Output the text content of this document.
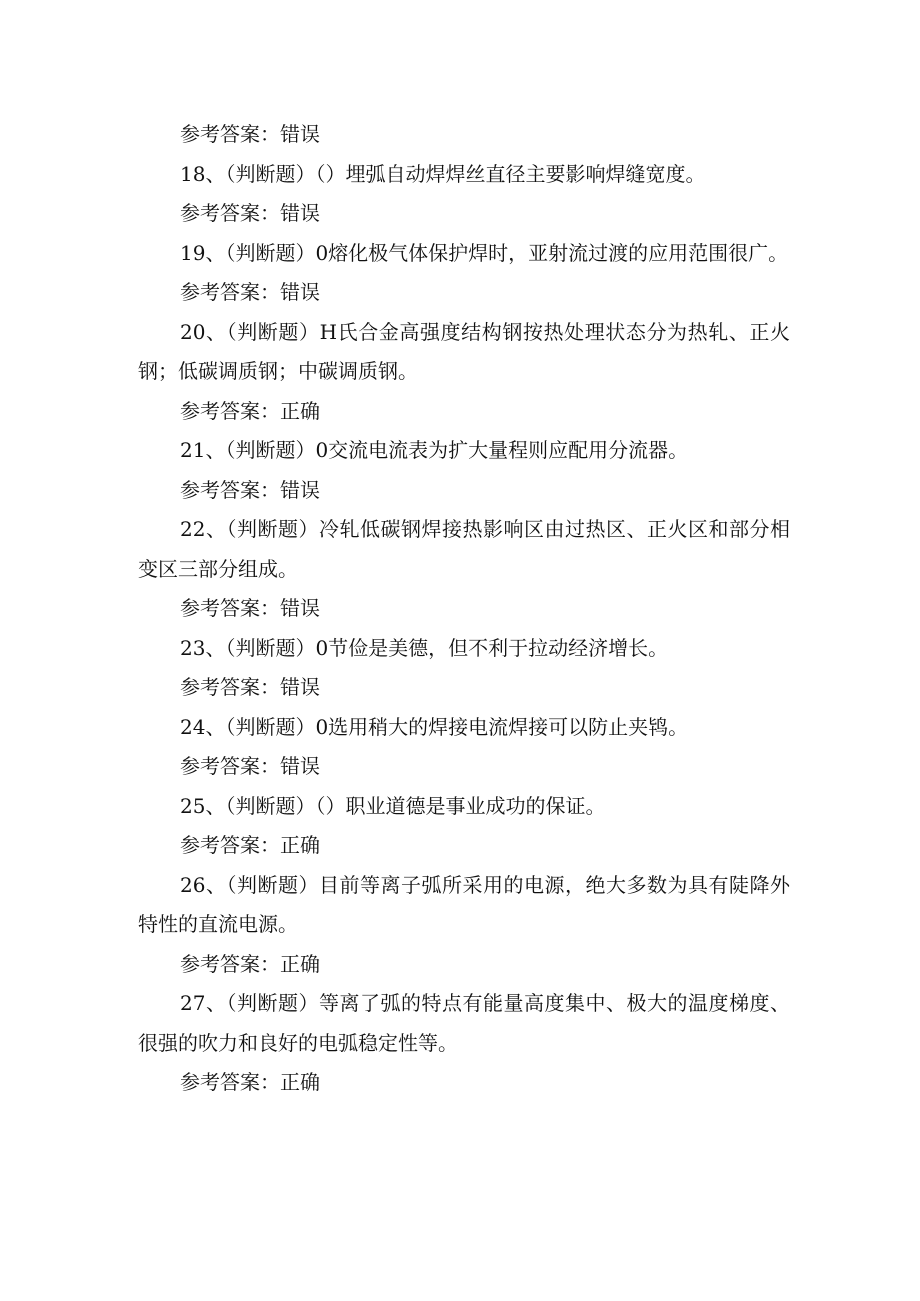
参考答案：错误

18、（判断题）（）埋弧自动焊焊丝直径主要影响焊缝宽度。

参考答案：错误

19、（判断题）0熔化极气体保护焊时，亚射流过渡的应用范围很广。

参考答案：错误

20、（判断题）H氏合金高强度结构钢按热处理状态分为热轧、正火钢；低碳调质钢；中碳调质钢。

参考答案：正确

21、（判断题）0交流电流表为扩大量程则应配用分流器。

参考答案：错误

22、（判断题）冷轧低碳钢焊接热影响区由过热区、正火区和部分相变区三部分组成。

参考答案：错误

23、（判断题）0节俭是美德，但不利于拉动经济增长。

参考答案：错误

24、（判断题）0选用稍大的焊接电流焊接可以防止夹鸨。

参考答案：错误

25、（判断题）（）职业道德是事业成功的保证。

参考答案：正确

26、（判断题）目前等离子弧所采用的电源，绝大多数为具有陡降外特性的直流电源。

参考答案：正确

27、（判断题）等离了弧的特点有能量高度集中、极大的温度梯度、很强的吹力和良好的电弧稳定性等。

参考答案：正确
